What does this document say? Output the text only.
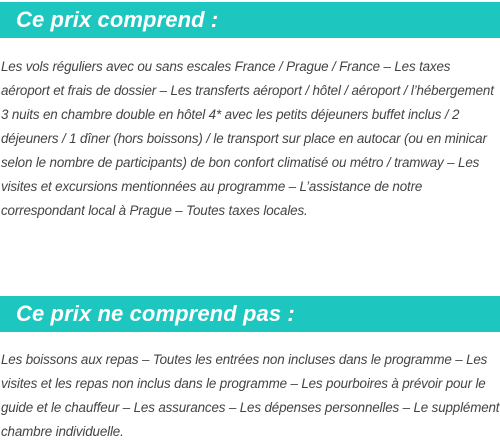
Ce prix comprend :

Les vols réguliers avec ou sans escales France / Prague / France – Les taxes aéroport et frais de dossier – Les transferts aéroport / hôtel / aéroport / l’hébergement 3 nuits en chambre double en hôtel 4* avec les petits déjeuners buffet inclus / 2 déjeuners / 1 dîner (hors boissons) / le transport sur place en autocar (ou en minicar selon le nombre de participants) de bon confort climatisé ou métro / tramway – Les visites et excursions mentionnées au programme – L’assistance de notre correspondant local à Prague – Toutes taxes locales.

Ce prix ne comprend pas :

Les boissons aux repas – Toutes les entrées non incluses dans le programme – Les visites et les repas non inclus dans le programme – Les pourboires à prévoir pour le guide et le chauffeur – Les assurances – Les dépenses personnelles – Le supplément chambre individuelle.
